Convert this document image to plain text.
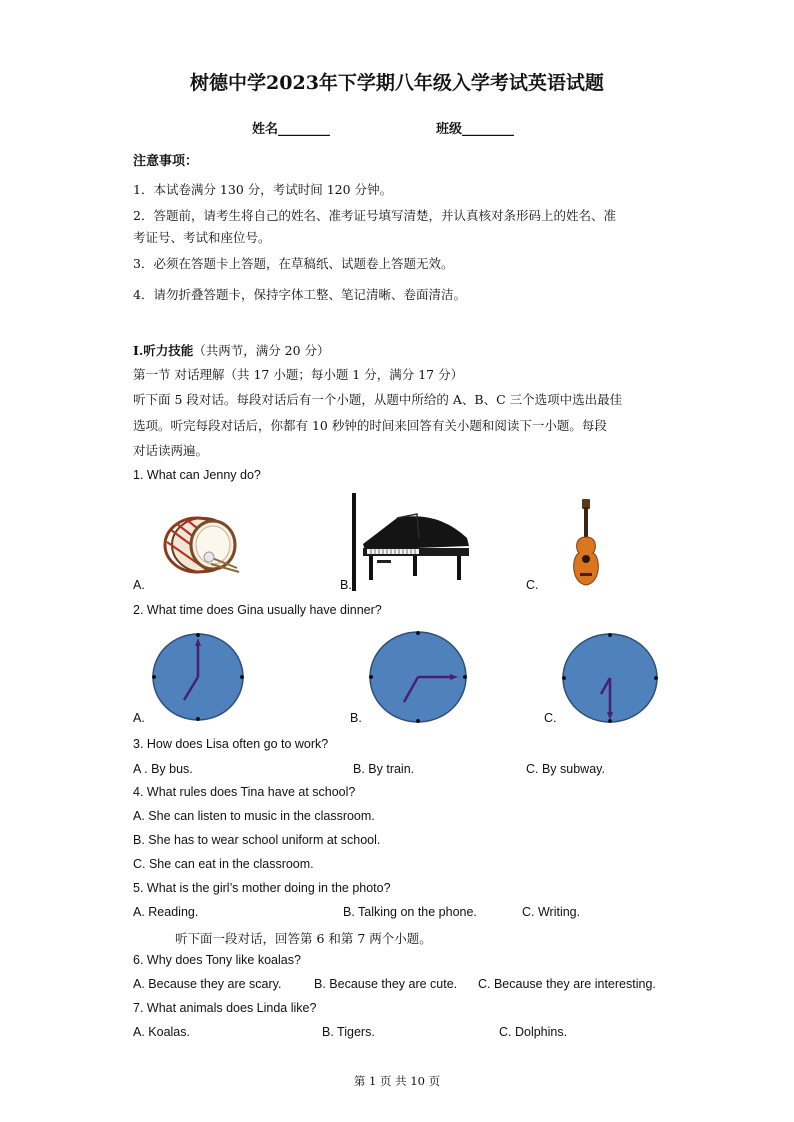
树德中学2023年下学期八年级入学考试英语试题
姓名________	班级________
注意事项：
1．本试卷满分 130 分，考试时间 120 分钟。
2．答题前，请考生将自己的姓名、准考证号填写清楚，并认真核对条形码上的姓名、准
考证号、考试和座位号。
3．必须在答题卡上答题，在草稿纸、试题卷上答题无效。
4．请勿折叠答题卡，保持字体工整、笔记清晰、卷面清洁。
Ⅰ.听力技能（共两节，满分 20 分）
第一节 对话理解（共 17 小题；每小题 1 分，满分 17 分）
听下面 5 段对话。每段对话后有一个小题，从题中所给的 A、B、C 三个选项中选出最佳
选项。听完每段对话后，你都有 10 秒钟的时间来回答有关小题和阅读下一小题。每段
对话读两遍。
1. What can Jenny do?
A.	B.	C.
2. What time does Gina usually have dinner?
A.	B.	C.
3. How does Lisa often go to work?
A . By bus.	B. By train.	C. By subway.
4. What rules does Tina have at school?
A. She can listen to music in the classroom.
B. She has to wear school uniform at school.
C. She can eat in the classroom.
5. What is the girl’s mother doing in the photo?
A. Reading.	B. Talking on the phone.	C. Writing.
听下面一段对话，回答第 6 和第 7 两个小题。
6. Why does Tony like koalas?
A. Because they are scary.	B. Because they are cute. C. Because they are interesting.
7. What animals does Linda like?
A. Koalas.	B. Tigers.	C. Dolphins.
第 1 页 共 10 页
